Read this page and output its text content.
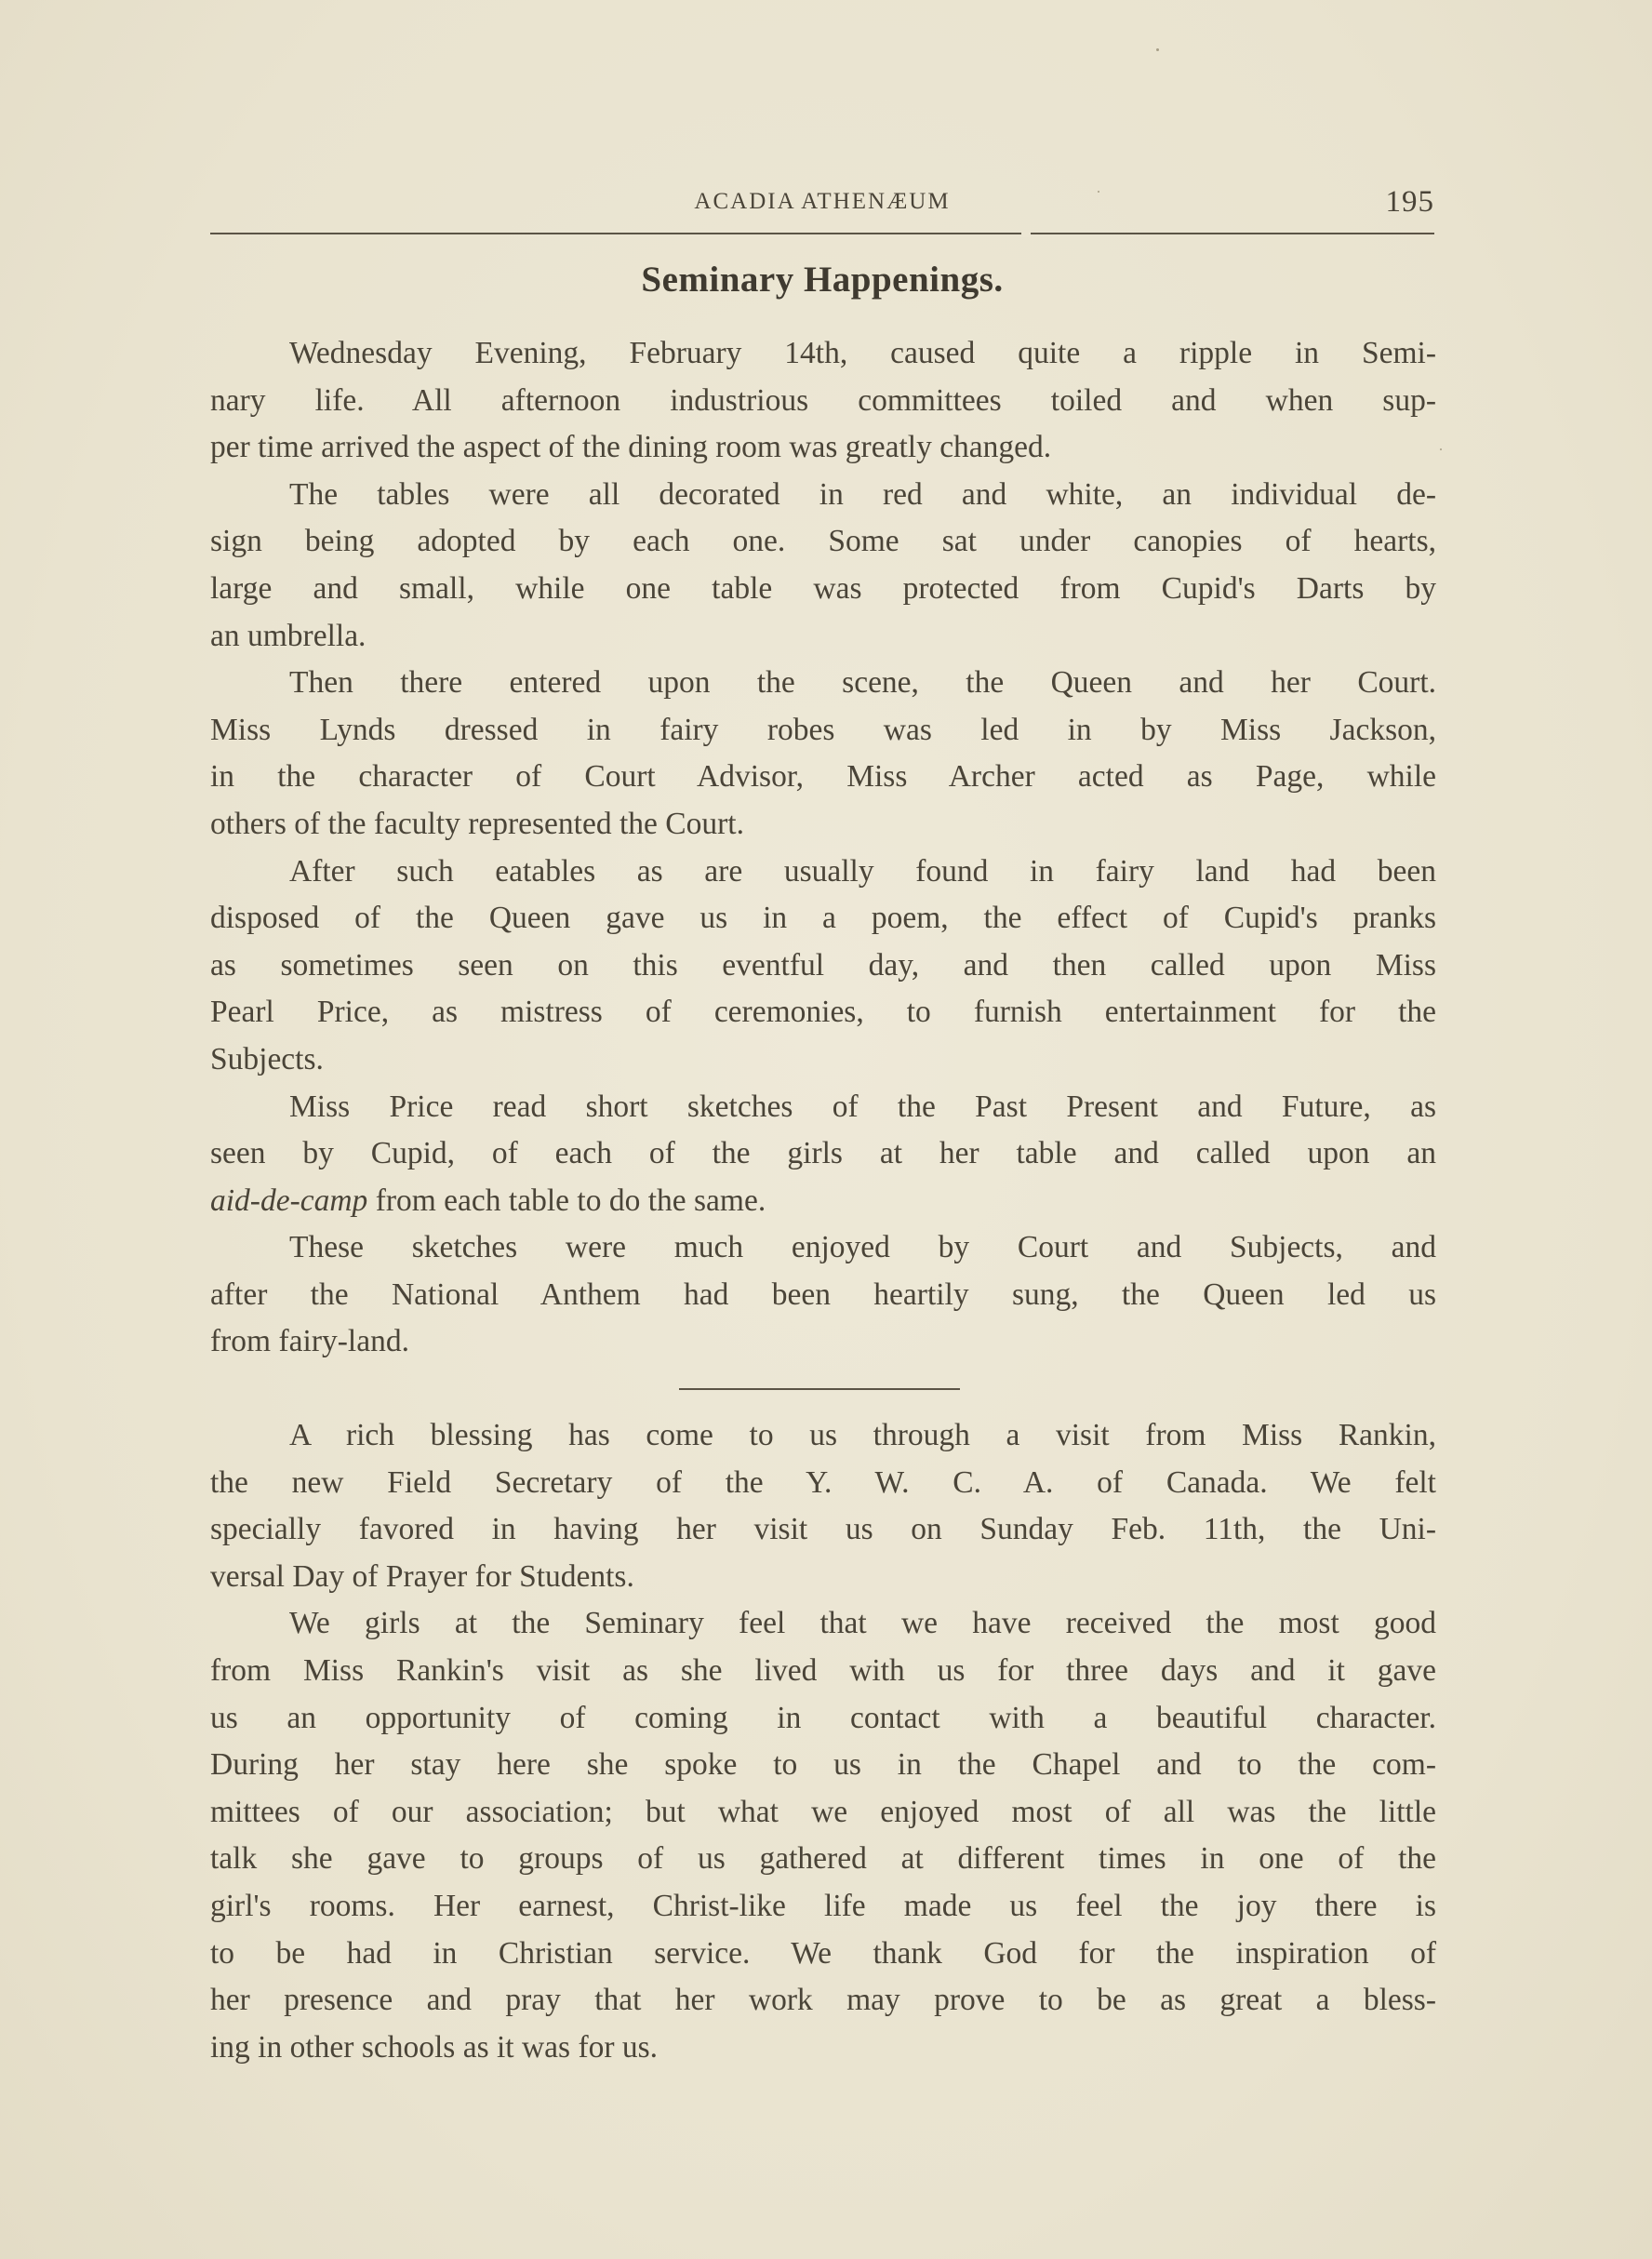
ACADIA ATHENÆUM	195
Seminary Happenings.

Wednesday Evening, February 14th, caused quite a ripple in Semi-
nary life. All afternoon industrious committees toiled and when sup-
per time arrived the aspect of the dining room was greatly changed.

The tables were all decorated in red and white, an individual de-
sign being adopted by each one. Some sat under canopies of hearts,
large and small, while one table was protected from Cupid's Darts by
an umbrella.

Then there entered upon the scene, the Queen and her Court.
Miss Lynds dressed in fairy robes was led in by Miss Jackson,
in the character of Court Advisor, Miss Archer acted as Page, while
others of the faculty represented the Court.

After such eatables as are usually found in fairy land had been
disposed of the Queen gave us in a poem, the effect of Cupid's pranks
as sometimes seen on this eventful day, and then called upon Miss
Pearl Price, as mistress of ceremonies, to furnish entertainment for the
Subjects.

Miss Price read short sketches of the Past Present and Future, as
seen by Cupid, of each of the girls at her table and called upon an
aid-de-camp from each table to do the same.

These sketches were much enjoyed by Court and Subjects, and
after the National Anthem had been heartily sung, the Queen led us
from fairy-land.

A rich blessing has come to us through a visit from Miss Rankin,
the new Field Secretary of the Y. W. C. A. of Canada. We felt
specially favored in having her visit us on Sunday Feb. 11th, the Uni-
versal Day of Prayer for Students.

We girls at the Seminary feel that we have received the most good
from Miss Rankin's visit as she lived with us for three days and it gave
us an opportunity of coming in contact with a beautiful character.
During her stay here she spoke to us in the Chapel and to the com-
mittees of our association; but what we enjoyed most of all was the little
talk she gave to groups of us gathered at different times in one of the
girl's rooms. Her earnest, Christ-like life made us feel the joy there is
to be had in Christian service. We thank God for the inspiration of
her presence and pray that her work may prove to be as great a bless-
ing in other schools as it was for us.
